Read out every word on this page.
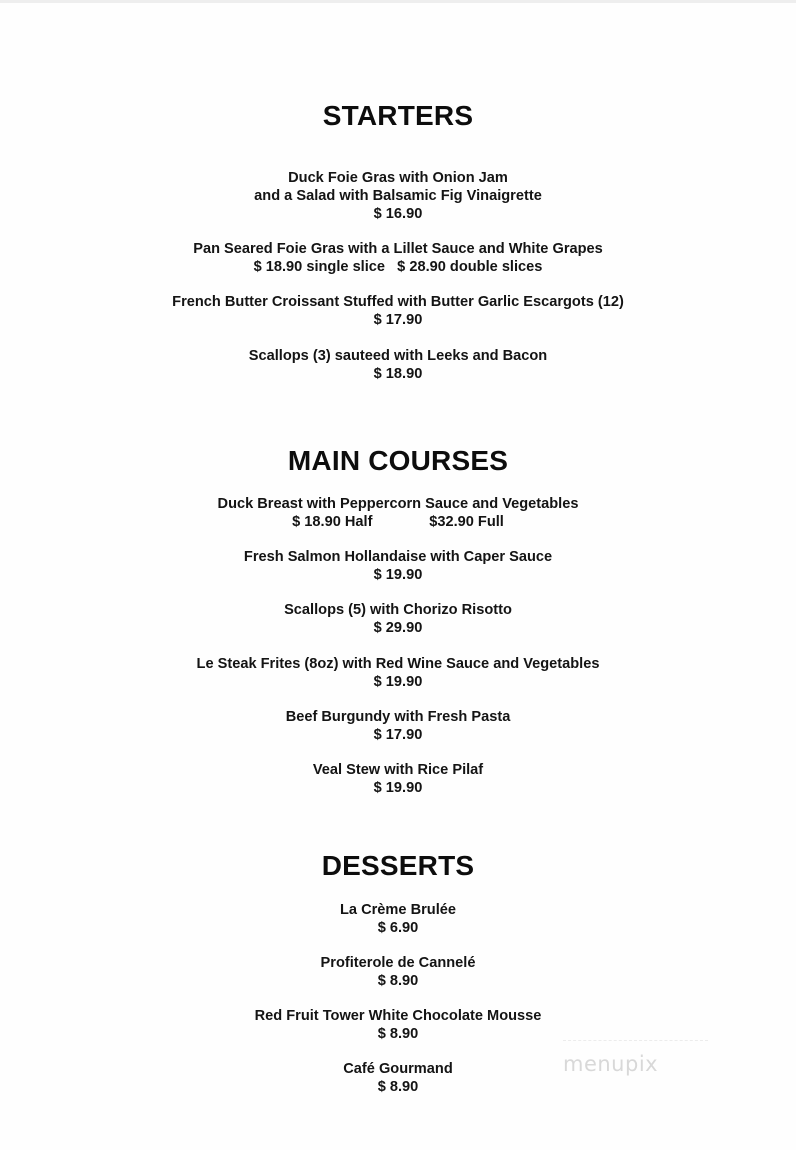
STARTERS
Duck Foie Gras with Onion Jam
and a Salad with Balsamic Fig Vinaigrette
$ 16.90
Pan Seared Foie Gras with a Lillet Sauce and White Grapes
$ 18.90 single slice   $ 28.90 double slices
French Butter Croissant Stuffed with Butter Garlic Escargots (12)
$ 17.90
Scallops (3) sauteed with Leeks and Bacon
$ 18.90
MAIN COURSES
Duck Breast with Peppercorn Sauce and Vegetables
$ 18.90 Half              $32.90 Full
Fresh Salmon Hollandaise with Caper Sauce
$ 19.90
Scallops (5) with Chorizo Risotto
$ 29.90
Le Steak Frites (8oz) with Red Wine Sauce and Vegetables
$ 19.90
Beef Burgundy with Fresh Pasta
$ 17.90
Veal Stew with Rice Pilaf
$ 19.90
DESSERTS
La Crème Brulée
$ 6.90
Profiterole de Cannelé
$ 8.90
Red Fruit Tower White Chocolate Mousse
$ 8.90
Café Gourmand
$ 8.90
menupix
